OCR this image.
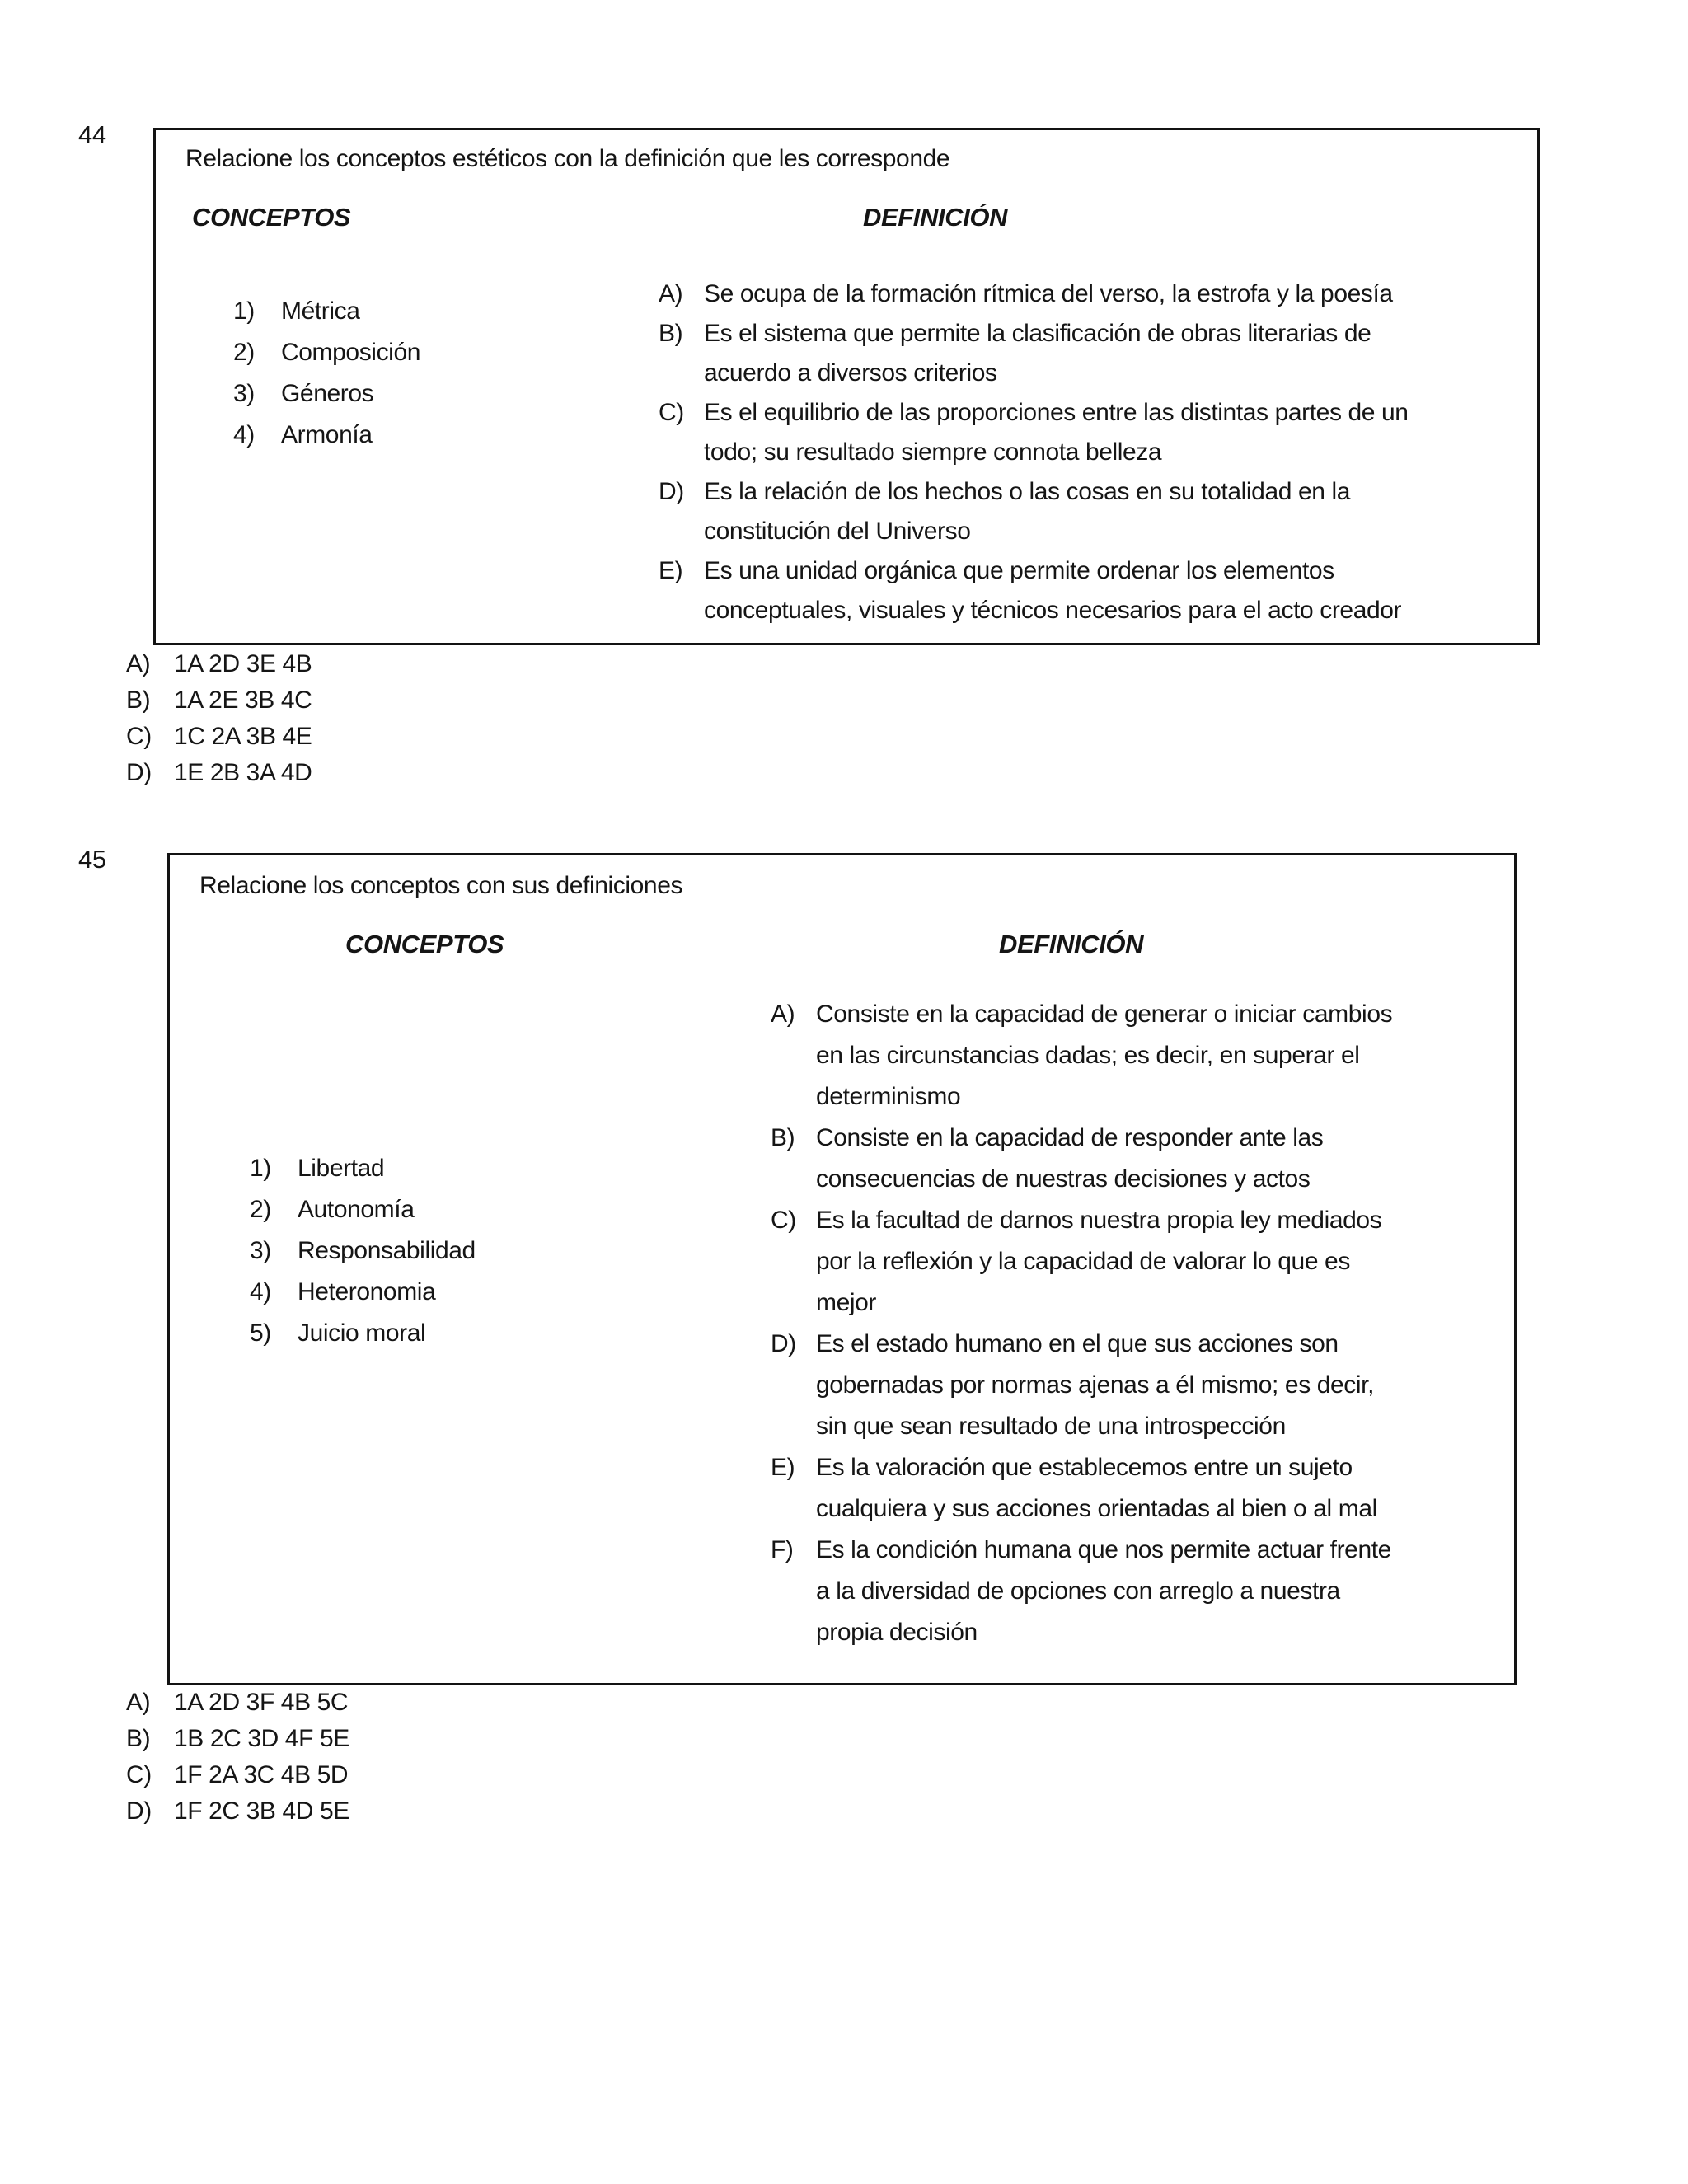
44
Relacione los conceptos estéticos con la definición que les corresponde
CONCEPTOS	DEFINICIÓN
1)	Métrica
2)	Composición
3)	Géneros
4)	Armonía
A) Se ocupa de la formación rítmica del verso, la estrofa y la poesía
B) Es el sistema que permite la clasificación de obras literarias de
acuerdo a diversos criterios
C) Es el equilibrio de las proporciones entre las distintas partes de un
todo; su resultado siempre connota belleza
D) Es la relación de los hechos o las cosas en su totalidad en la
constitución del Universo
E) Es una unidad orgánica que permite ordenar los elementos
conceptuales, visuales y técnicos necesarios para el acto creador
A) 1A 2D 3E 4B
B) 1A 2E 3B 4C
C) 1C 2A 3B 4E
D) 1E 2B 3A 4D
45
Relacione los conceptos con sus definiciones
CONCEPTOS	DEFINICIÓN
1)	Libertad
2)	Autonomía
3)	Responsabilidad
4)	Heteronomia
5)	Juicio moral
A) Consiste en la capacidad de generar o iniciar cambios
en las circunstancias dadas; es decir, en superar el
determinismo
B) Consiste en la capacidad de responder ante las
consecuencias de nuestras decisiones y actos
C) Es la facultad de darnos nuestra propia ley mediados
por la reflexión y la capacidad de valorar lo que es
mejor
D) Es el estado humano en el que sus acciones son
gobernadas por normas ajenas a él mismo; es decir,
sin que sean resultado de una introspección
E) Es la valoración que establecemos entre un sujeto
cualquiera y sus acciones orientadas al bien o al mal
F) Es la condición humana que nos permite actuar frente
a la diversidad de opciones con arreglo a nuestra
propia decisión
A) 1A 2D 3F 4B 5C
B) 1B 2C 3D 4F 5E
C) 1F 2A 3C 4B 5D
D) 1F 2C 3B 4D 5E
